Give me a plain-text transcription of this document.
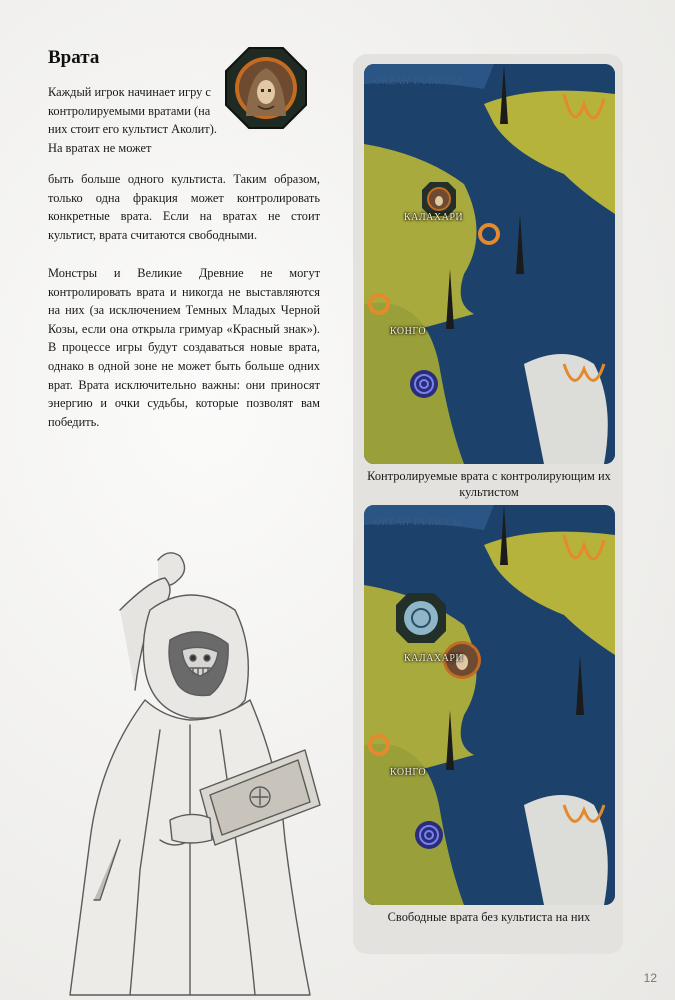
Врата

Каждый игрок начинает игру с контролируемыми вратами (на них стоит его культист Аколит). На вратах не может

быть больше одного культиста. Таким образом, только одна фракция может контролировать конкретные врата. Если на вратах не стоит культист, врата считаются свободными.

Монстры и Великие Древние не могут контролировать врата и никогда не выставляются на них (за исключением Темных Младых Черной Козы, если она открыла гримуар «Красный знак»). В процессе игры будут создаваться новые врата, однако в одной зоне не может быть больше одних врат. Врата исключительно важны: они приносят энергию и очки судьбы, которые позволят вам победить.

ОКЕАН ТАЛАССЫ
КАЛАХАРИ
КОНГО
Контролируемые врата с контролирующим их культистом
ОКЕАН ТАЛАССЫ
КАЛАХАРИ
КОНГО
Свободные врата без культиста на них
12
